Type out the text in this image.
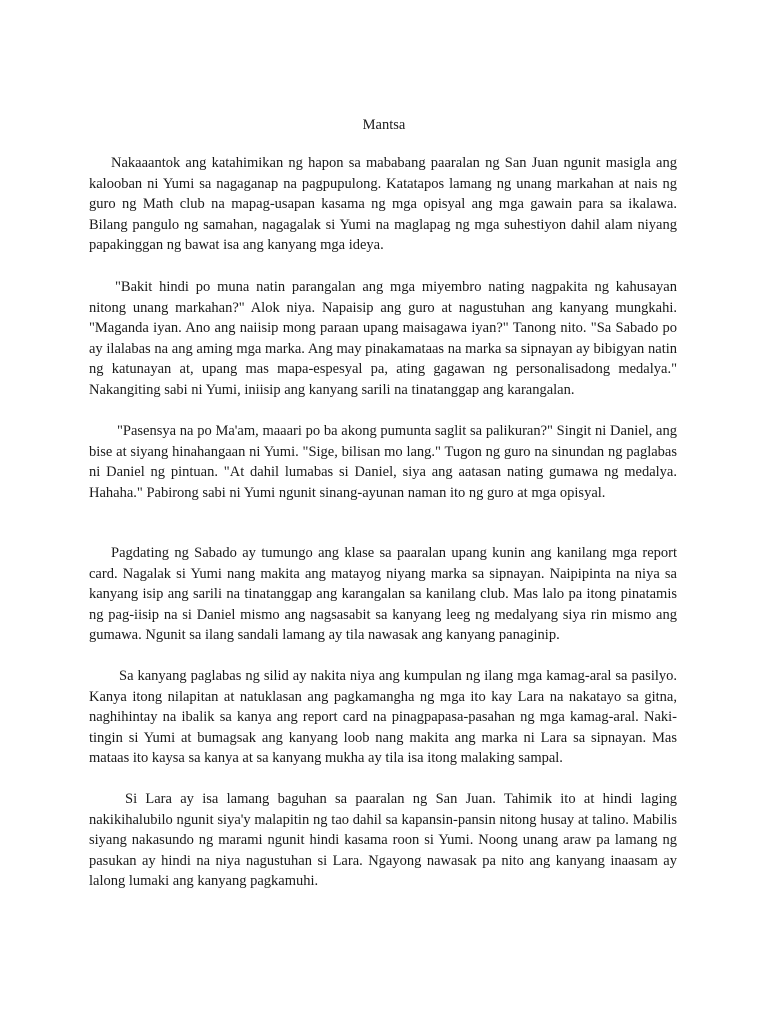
Mantsa

Nakaaantok ang katahimikan ng hapon sa mababang paaralan ng San Juan ngunit masigla ang kalooban ni Yumi sa nagaganap na pagpupulong. Katatapos lamang ng unang markahan at nais ng guro ng Math club na mapag-usapan kasama ng mga opisyal ang mga gawain para sa ikalawa. Bilang pangulo ng samahan, nagagalak si Yumi na maglapag ng mga suhestiyon dahil alam niyang papakinggan ng bawat isa ang kanyang mga ideya.

"Bakit hindi po muna natin parangalan ang mga miyembro nating nagpakita ng kahusayan nitong unang markahan?" Alok niya. Napaisip ang guro at nagustuhan ang kanyang mungkahi. "Maganda iyan. Ano ang naiisip mong paraan upang maisagawa iyan?" Tanong nito. "Sa Sabado po ay ilalabas na ang aming mga marka. Ang may pinakamataas na marka sa sipnayan ay bibigyan natin ng katunayan at, upang mas mapa-espesyal pa, ating gagawan ng personalisadong medalya." Nakangiting sabi ni Yumi, iniisip ang kanyang sarili na tinatanggap ang karangalan.

"Pasensya na po Ma'am, maaari po ba akong pumunta saglit sa palikuran?" Singit ni Daniel, ang bise at siyang hinahangaan ni Yumi. "Sige, bilisan mo lang." Tugon ng guro na sinundan ng paglabas ni Daniel ng pintuan. "At dahil lumabas si Daniel, siya ang aatasan nating gumawa ng medalya. Hahaha." Pabirong sabi ni Yumi ngunit sinang-ayunan naman ito ng guro at mga opisyal.

Pagdating ng Sabado ay tumungo ang klase sa paaralan upang kunin ang kanilang mga report card. Nagalak si Yumi nang makita ang matayog niyang marka sa sipnayan. Naipipinta na niya sa kanyang isip ang sarili na tinatanggap ang karangalan sa kanilang club. Mas lalo pa itong pinatamis ng pag-iisip na si Daniel mismo ang nagsasabit sa kanyang leeg ng medalyang siya rin mismo ang gumawa. Ngunit sa ilang sandali lamang ay tila nawasak ang kanyang panaginip.

Sa kanyang paglabas ng silid ay nakita niya ang kumpulan ng ilang mga kamag-aral sa pasilyo. Kanya itong nilapitan at natuklasan ang pagkamangha ng mga ito kay Lara na nakatayo sa gitna, naghihintay na ibalik sa kanya ang report card na pinagpapasa-pasahan ng mga kamag-aral. Naki-tingin si Yumi at bumagsak ang kanyang loob nang makita ang marka ni Lara sa sipnayan. Mas mataas ito kaysa sa kanya at sa kanyang mukha ay tila isa itong malaking sampal.

Si Lara ay isa lamang baguhan sa paaralan ng San Juan. Tahimik ito at hindi laging nakikihalubilo ngunit siya'y malapitin ng tao dahil sa kapansin-pansin nitong husay at talino. Mabilis siyang nakasundo ng marami ngunit hindi kasama roon si Yumi. Noong unang araw pa lamang ng pasukan ay hindi na niya nagustuhan si Lara. Ngayong nawasak pa nito ang kanyang inaasam ay lalong lumaki ang kanyang pagkamuhi.
